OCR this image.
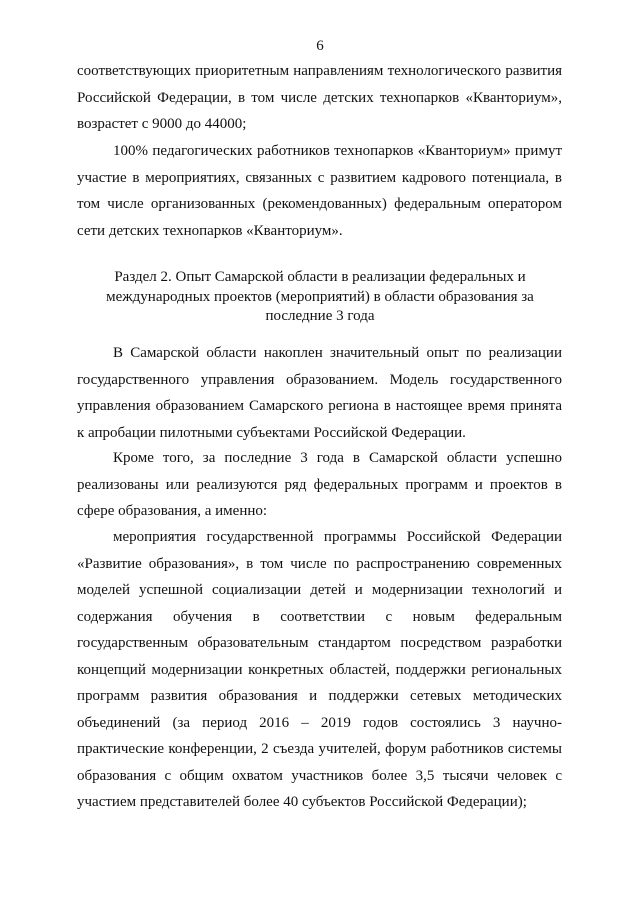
6

соответствующих приоритетным направлениям технологического развития Российской Федерации, в том числе детских технопарков «Кванториум», возрастет с 9000 до 44000;

100% педагогических работников технопарков «Кванториум» примут участие в мероприятиях, связанных с развитием кадрового потенциала, в том числе организованных (рекомендованных) федеральным оператором сети детских технопарков «Кванториум».

Раздел 2. Опыт Самарской области в реализации федеральных и международных проектов (мероприятий) в области образования за последние 3 года

В Самарской области накоплен значительный опыт по реализации государственного управления образованием. Модель государственного управления образованием Самарского региона в настоящее время принята к апробации пилотными субъектами Российской Федерации.

Кроме того, за последние 3 года в Самарской области успешно реализованы или реализуются ряд федеральных программ и проектов в сфере образования, а именно:

мероприятия государственной программы Российской Федерации «Развитие образования», в том числе по распространению современных моделей успешной социализации детей и модернизации технологий и содержания обучения в соответствии с новым федеральным государственным образовательным стандартом посредством разработки концепций модернизации конкретных областей, поддержки региональных программ развития образования и поддержки сетевых методических объединений (за период 2016 – 2019 годов состоялись 3 научно-практические конференции, 2 съезда учителей, форум работников системы образования с общим охватом участников более 3,5 тысячи человек с участием представителей более 40 субъектов Российской Федерации);
